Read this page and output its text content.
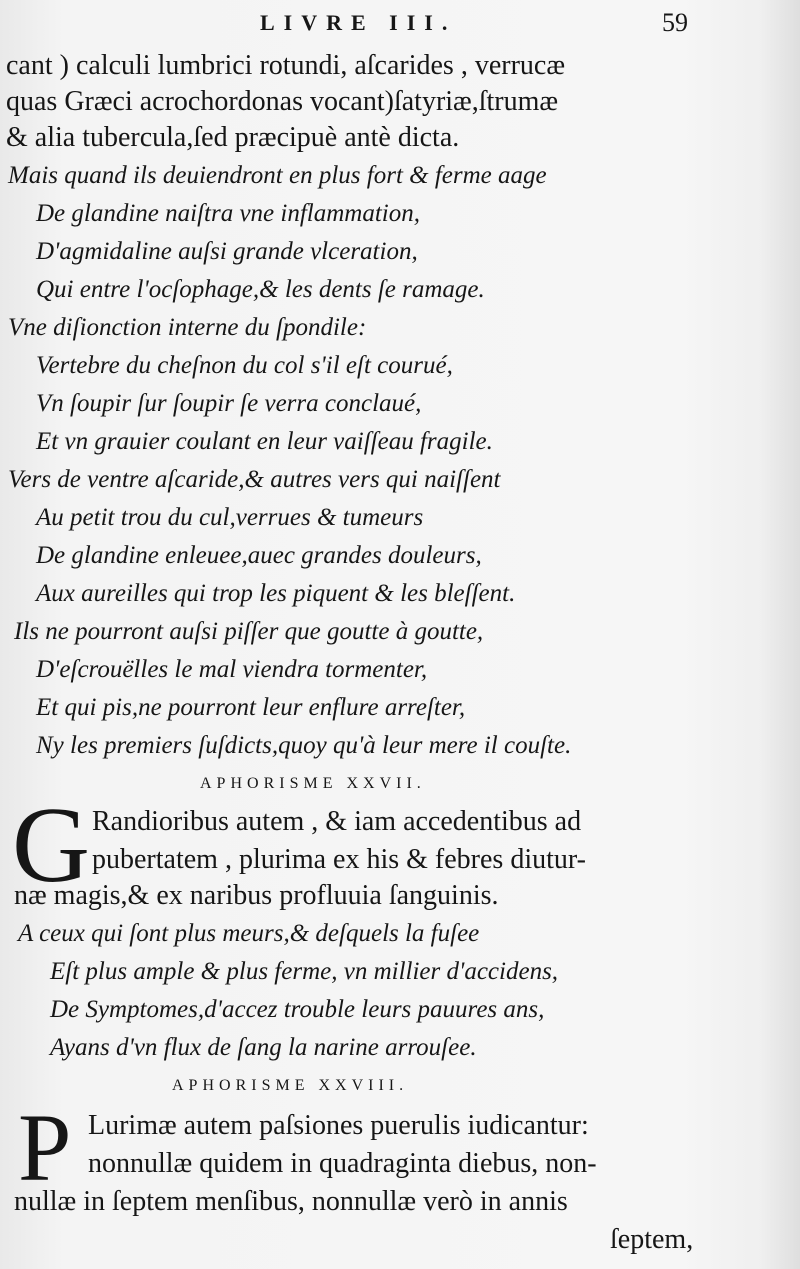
LIVRE III.	59
cant ) calculi lumbrici rotundi, aſcarides , verrucæ
quas Græci acrochordonas vocant)ſatyriæ,ſtrumæ
& alia tubercula,ſed præcipuè antè dicta.
Mais quand ils deuiendront en plus fort & ferme aage
De glandine naiſtra vne inflammation,
D'agmidaline auſsi grande vlceration,
Qui entre l'ocſophage,& les dents ſe ramage.
Vne diſionction interne du ſpondile:
Vertebre du cheſnon du col s'il eſt courué,
Vn ſoupir ſur ſoupir ſe verra conclaué,
Et vn grauier coulant en leur vaiſſeau fragile.
Vers de ventre aſcaride,& autres vers qui naiſſent
Au petit trou du cul,verrues & tumeurs
De glandine enleuee,auec grandes douleurs,
Aux aureilles qui trop les piquent & les bleſſent.
Ils ne pourront auſsi piſſer que goutte à goutte,
D'eſcrouëlles le mal viendra tormenter,
Et qui pis,ne pourront leur enflure arreſter,
Ny les premiers ſuſdicts,quoy qu'à leur mere il couſte.
APHORISME XXVII.
G Randioribus autem , & iam accedentibus ad
pubertatem , plurima ex his & febres diutur-
næ magis,& ex naribus profluuia ſanguinis.
A ceux qui ſont plus meurs,& deſquels la fuſee
Eſt plus ample & plus ferme, vn millier d'accidens,
De Symptomes,d'accez trouble leurs pauures ans,
Ayans d'vn flux de ſang la narine arrouſee.
APHORISME XXVIII.
P Lurimæ autem paſsiones puerulis iudicantur:
nonnullæ quidem in quadraginta diebus, non-
nullæ in ſeptem menſibus, nonnullæ verò in annis
ſeptem,
